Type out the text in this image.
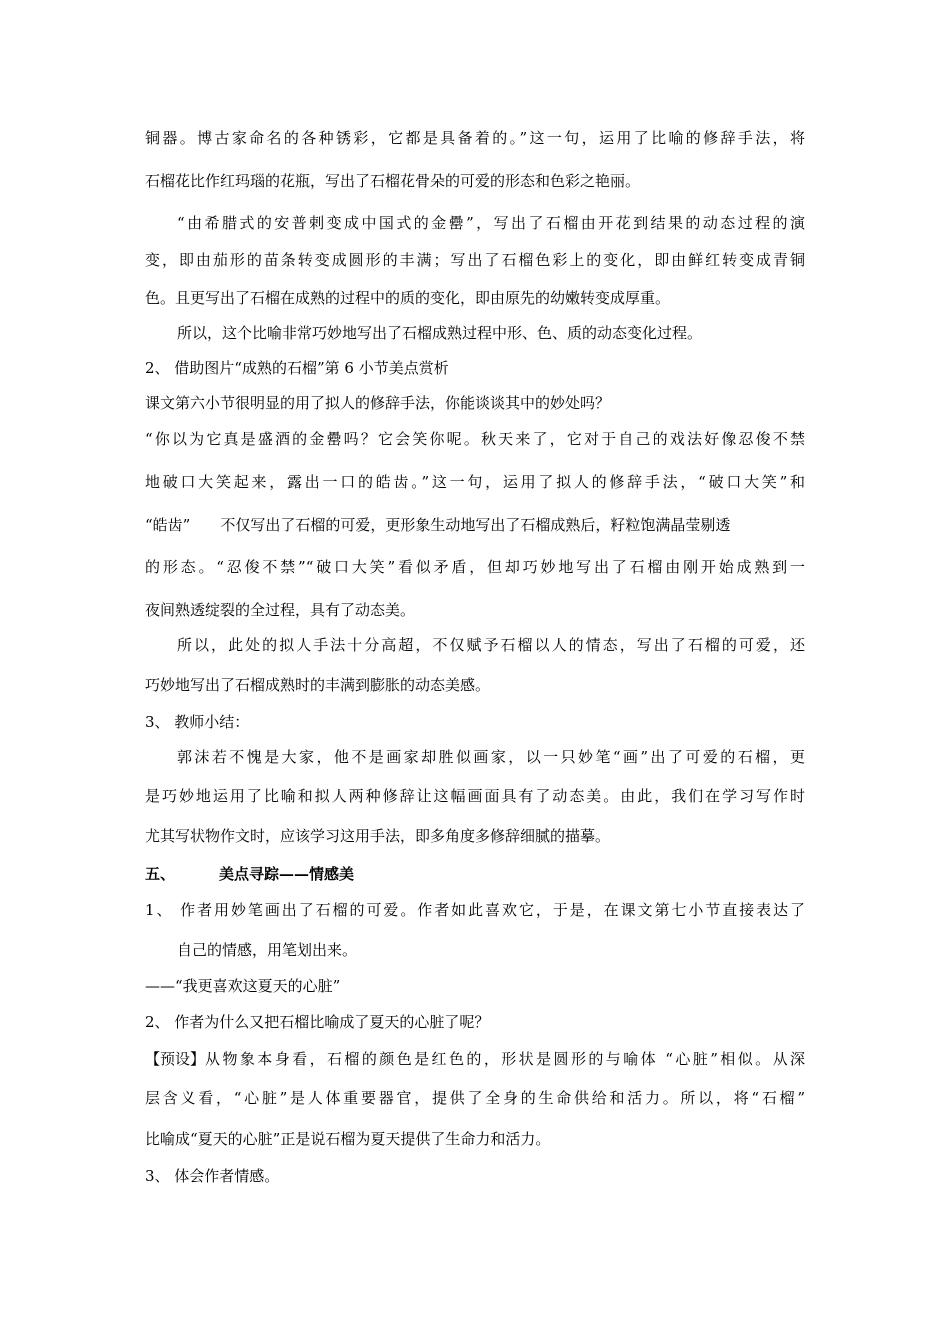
铜器。博古家命名的各种锈彩，它都是具备着的。”这一句，运用了比喻的修辞手法，将
石榴花比作红玛瑙的花瓶，写出了石榴花骨朵的可爱的形态和色彩之艳丽。
“由希腊式的安普剌变成中国式的金罍”，写出了石榴由开花到结果的动态过程的演
变，即由茄形的苗条转变成圆形的丰满；写出了石榴色彩上的变化，即由鲜红转变成青铜
色。且更写出了石榴在成熟的过程中的质的变化，即由原先的幼嫩转变成厚重。
所以，这个比喻非常巧妙地写出了石榴成熟过程中形、色、质的动态变化过程。
2、 借助图片“成熟的石榴”第 6 小节美点赏析
课文第六小节很明显的用了拟人的修辞手法，你能谈谈其中的妙处吗？
“你以为它真是盛酒的金罍吗？它会笑你呢。秋天来了，它对于自己的戏法好像忍俊不禁
地破口大笑起来，露出一口的皓齿。”这一句，运用了拟人的修辞手法，“破口大笑”和
“皓齿” 不仅写出了石榴的可爱，更形象生动地写出了石榴成熟后，籽粒饱满晶莹剔透
的形态。“忍俊不禁”“破口大笑”看似矛盾，但却巧妙地写出了石榴由刚开始成熟到一
夜间熟透绽裂的全过程，具有了动态美。
所以，此处的拟人手法十分高超，不仅赋予石榴以人的情态，写出了石榴的可爱，还
巧妙地写出了石榴成熟时的丰满到膨胀的动态美感。
3、 教师小结：
郭沫若不愧是大家，他不是画家却胜似画家，以一只妙笔“画”出了可爱的石榴，更
是巧妙地运用了比喻和拟人两种修辞让这幅画面具有了动态美。由此，我们在学习写作时
尤其写状物作文时，应该学习这用手法，即多角度多修辞细腻的描摹。
五、	美点寻踪——情感美
1、 作者用妙笔画出了石榴的可爱。作者如此喜欢它，于是，在课文第七小节直接表达了
自己的情感，用笔划出来。
——“我更喜欢这夏天的心脏”
2、 作者为什么又把石榴比喻成了夏天的心脏了呢？
【预设】 从物象本身看，石榴的颜色是红色的，形状是圆形的与喻体 “心脏”相似。从深
层含义看，“心脏”是人体重要器官，提供了全身的生命供给和活力。所以，将“石榴”
比喻成“夏天的心脏”正是说石榴为夏天提供了生命力和活力。
3、 体会作者情感。
